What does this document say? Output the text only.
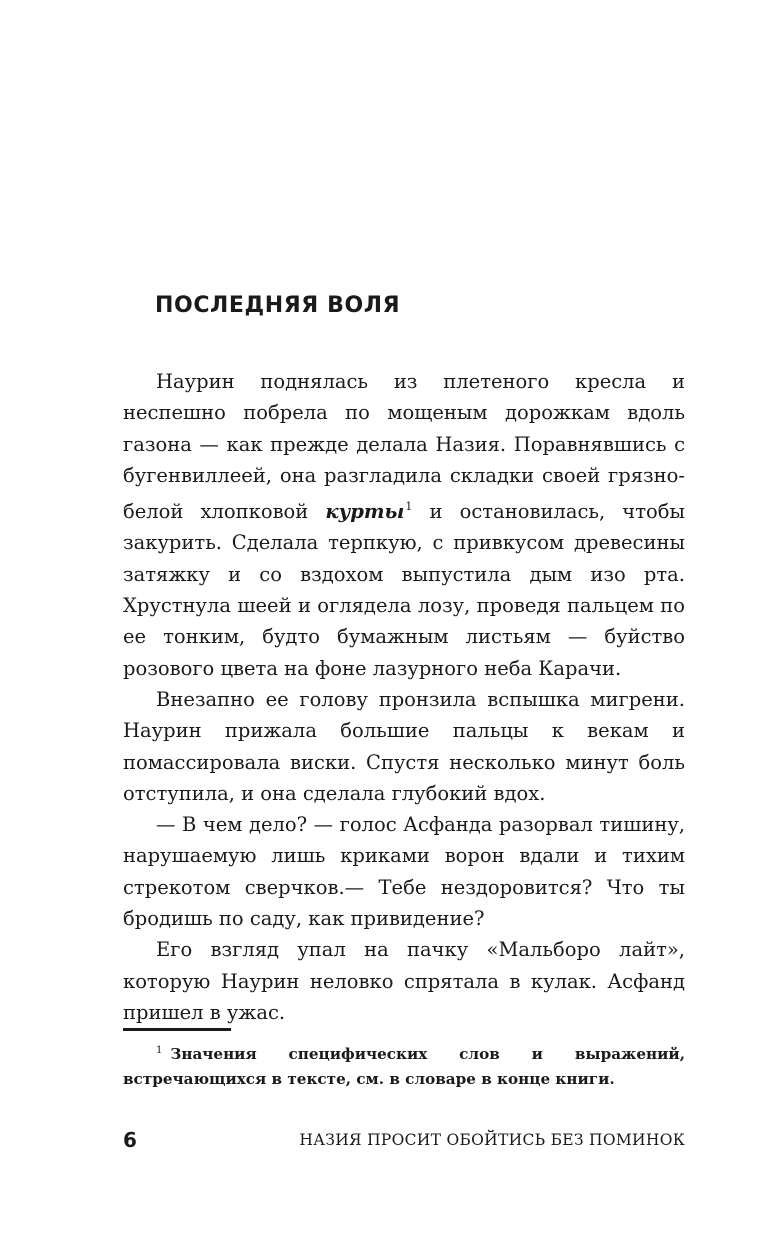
ПОСЛЕДНЯЯ ВОЛЯ

Наурин поднялась из плетеного кресла и неспешно побрела по мощеным дорожкам вдоль газона — как прежде делала Назия. Поравнявшись с бугенвиллеей, она разгладила складки своей грязно-белой хлопковой курты$^1$ и остановилась, чтобы закурить. Сделала терпкую, с привкусом древесины затяжку и со вздохом выпустила дым изо рта. Хрустнула шеей и оглядела лозу, проведя пальцем по ее тонким, будто бумажным листьям — буйство розового цвета на фоне лазурного неба Карачи.

Внезапно ее голову пронзила вспышка мигрени. Наурин прижала большие пальцы к векам и помассировала виски. Спустя несколько минут боль отступила, и она сделала глубокий вдох.

— В чем дело? — голос Асфанда разорвал тишину, нарушаемую лишь криками ворон вдали и тихим стрекотом сверчков.— Тебе нездоровится? Что ты бродишь по саду, как привидение?

Его взгляд упал на пачку «Мальборо лайт», которую Наурин неловко спрятала в кулак. Асфанд пришел в ужас.

$^1$ Значения специфических слов и выражений, встречающихся в тексте, см. в словаре в конце книги.

6	НАЗИЯ ПРОСИТ ОБОЙТИСЬ БЕЗ ПОМИНОК
